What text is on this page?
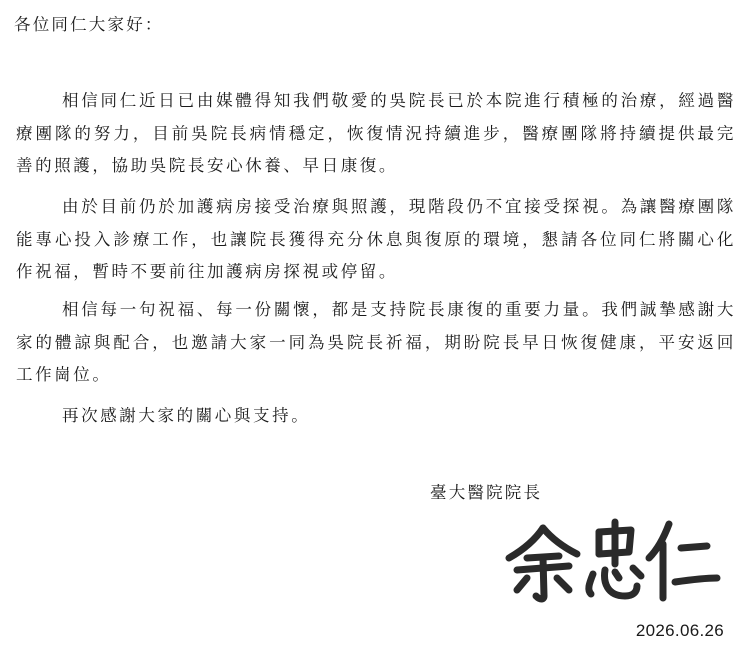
各位同仁大家好：

相信同仁近日已由媒體得知我們敬愛的吳院長已於本院進行積極的治療，經過醫療團隊的努力，目前吳院長病情穩定，恢復情況持續進步，醫療團隊將持續提供最完善的照護，協助吳院長安心休養、早日康復。

由於目前仍於加護病房接受治療與照護，現階段仍不宜接受探視。為讓醫療團隊能專心投入診療工作，也讓院長獲得充分休息與復原的環境，懇請各位同仁將關心化作祝福，暫時不要前往加護病房探視或停留。

相信每一句祝福、每一份關懷，都是支持院長康復的重要力量。我們誠摯感謝大家的體諒與配合，也邀請大家一同為吳院長祈福，期盼院長早日恢復健康，平安返回工作崗位。

再次感謝大家的關心與支持。

臺大醫院院長
2026.06.26
